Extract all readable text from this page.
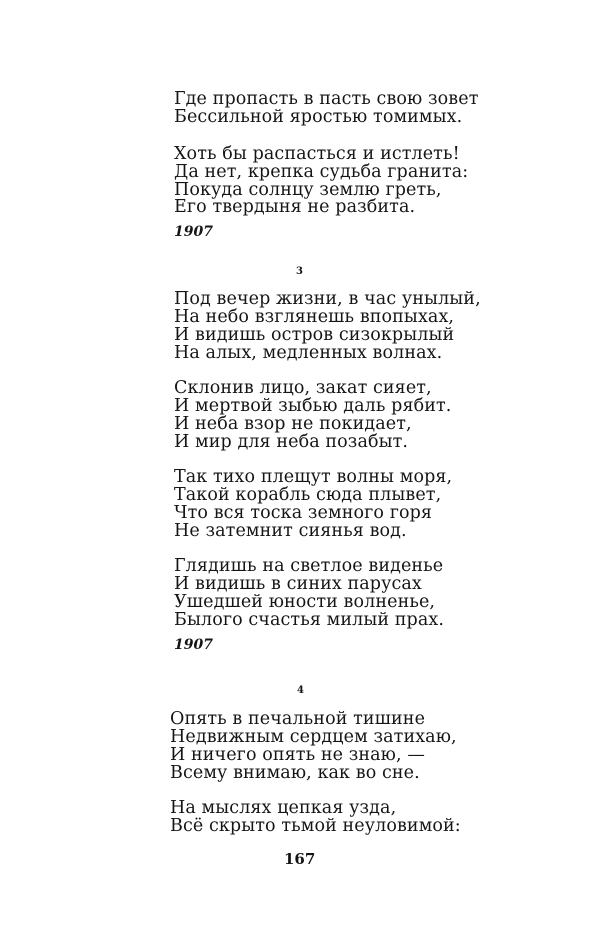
Где пропасть в пасть свою зовет
Бессильной яростью томимых.
Хоть бы распасться и истлеть!
Да нет, крепка судьба гранита:
Покуда солнцу землю греть,
Его твердыня не разбита.
1907
3
Под вечер жизни, в час унылый,
На небо взглянешь впопыхах,
И видишь остров сизокрылый
На алых, медленных волнах.
Склонив лицо, закат сияет,
И мертвой зыбью даль рябит.
И неба взор не покидает,
И мир для неба позабыт.
Так тихо плещут волны моря,
Такой корабль сюда плывет,
Что вся тоска земного горя
Не затемнит сиянья вод.
Глядишь на светлое виденье
И видишь в синих парусах
Ушедшей юности волненье,
Былого счастья милый прах.
1907
4
Опять в печальной тишине
Недвижным сердцем затихаю,
И ничего опять не знаю, —
Всему внимаю, как во сне.
На мыслях цепкая узда,
Всё скрыто тьмой неуловимой:
167
